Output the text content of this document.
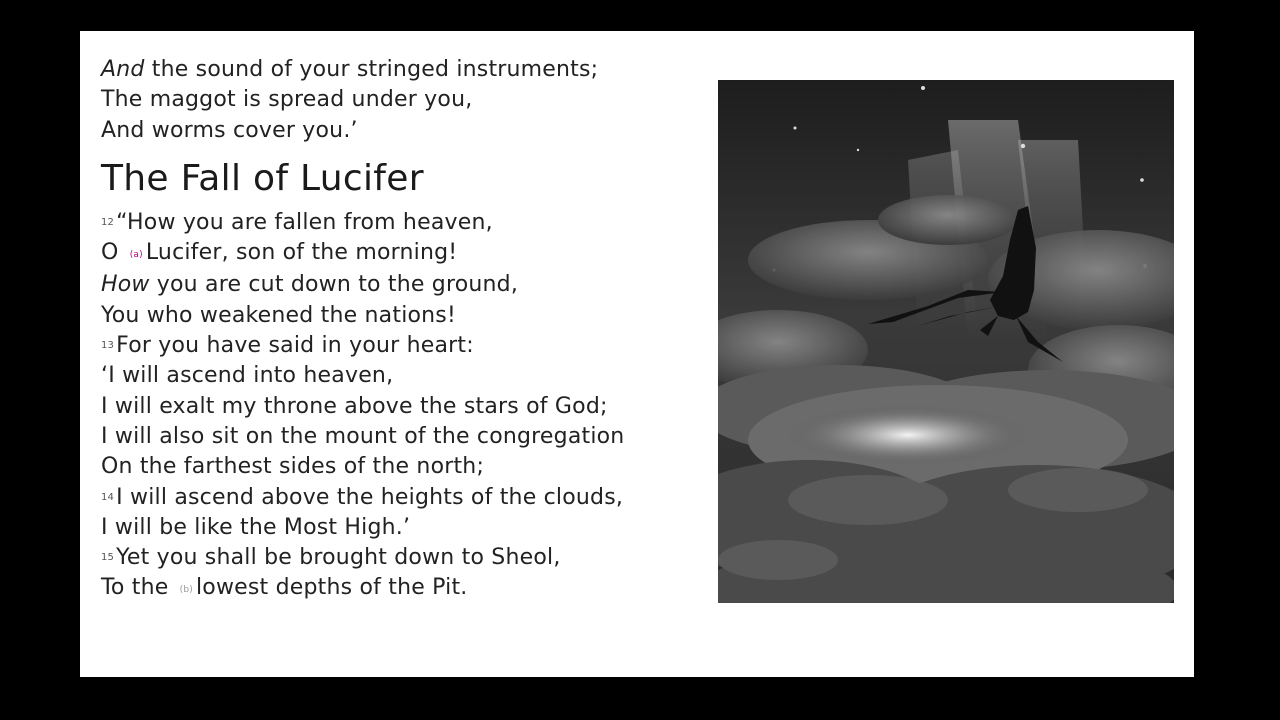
And the sound of your stringed instruments;
The maggot is spread under you,
And worms cover you.’
The Fall of Lucifer
12“How you are fallen from heaven,
O (a) Lucifer, son of the morning!
How you are cut down to the ground,
You who weakened the nations!
13For you have said in your heart:
‘I will ascend into heaven,
I will exalt my throne above the stars of God;
I will also sit on the mount of the congregation
On the farthest sides of the north;
14I will ascend above the heights of the clouds,
I will be like the Most High.’
15Yet you shall be brought down to Sheol,
To the (b) lowest depths of the Pit.
